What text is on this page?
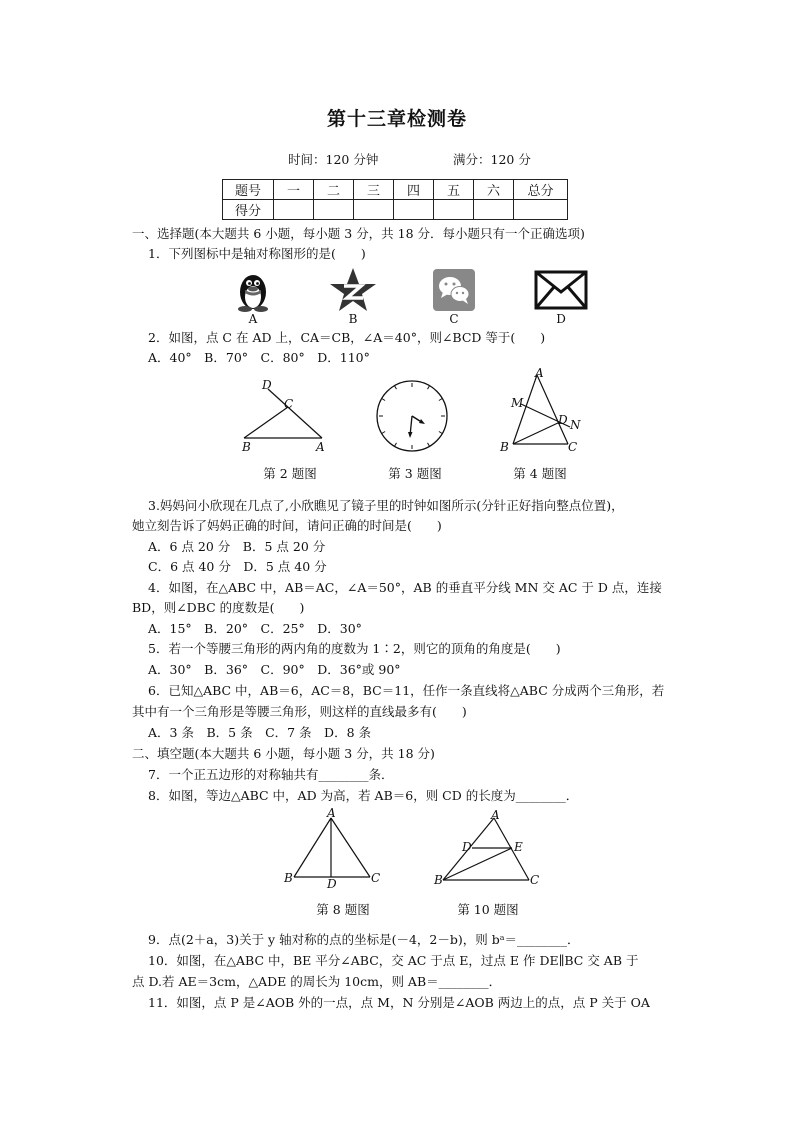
第十三章检测卷
时间：120 分钟	满分：120 分
题号	一	二	三	四	五	六	总分
得分							
一、选择题(本大题共 6 小题，每小题 3 分，共 18 分．每小题只有一个正确选项)
1．下列图标中是轴对称图形的是(　　)
A	B	C	D
2．如图，点 C 在 AD 上，CA＝CB，∠A＝40°，则∠BCD 等于(　　)
A．40°　B．70°　C．80°　D．110°
D
C
B	A
A
M
D N
B	C
第 2 题图	第 3 题图	第 4 题图
3.妈妈问小欣现在几点了,小欣瞧见了镜子里的时钟如图所示(分针正好指向整点位置)，
她立刻告诉了妈妈正确的时间，请问正确的时间是(　　)
A．6 点 20 分　B．5 点 20 分
C．6 点 40 分　D．5 点 40 分
4．如图，在△ABC 中，AB＝AC，∠A＝50°，AB 的垂直平分线 MN 交 AC 于 D 点，连接
BD，则∠DBC 的度数是(　　)
A．15°　B．20°　C．25°　D．30°
5．若一个等腰三角形的两内角的度数为 1∶2，则它的顶角的角度是(　　)
A．30°　B．36°　C．90°　D．36°或 90°
6．已知△ABC 中，AB＝6，AC＝8，BC＝11，任作一条直线将△ABC 分成两个三角形，若
其中有一个三角形是等腰三角形，则这样的直线最多有(　　)
A．3 条　B．5 条　C．7 条　D．8 条
二、填空题(本大题共 6 小题，每小题 3 分，共 18 分)
7．一个正五边形的对称轴共有________条．
8．如图，等边△ABC 中，AD 为高，若 AB＝6，则 CD 的长度为________．
A
B	D	C
A
D	E
B	C
第 8 题图	第 10 题图
9．点(2＋a，3)关于 y 轴对称的点的坐标是(－4，2－b)，则 bᵃ＝________．
10．如图，在△ABC 中，BE 平分∠ABC，交 AC 于点 E，过点 E 作 DE∥BC 交 AB 于
点 D.若 AE＝3cm，△ADE 的周长为 10cm，则 AB＝________．
11．如图，点 P 是∠AOB 外的一点，点 M，N 分别是∠AOB 两边上的点，点 P 关于 OA
